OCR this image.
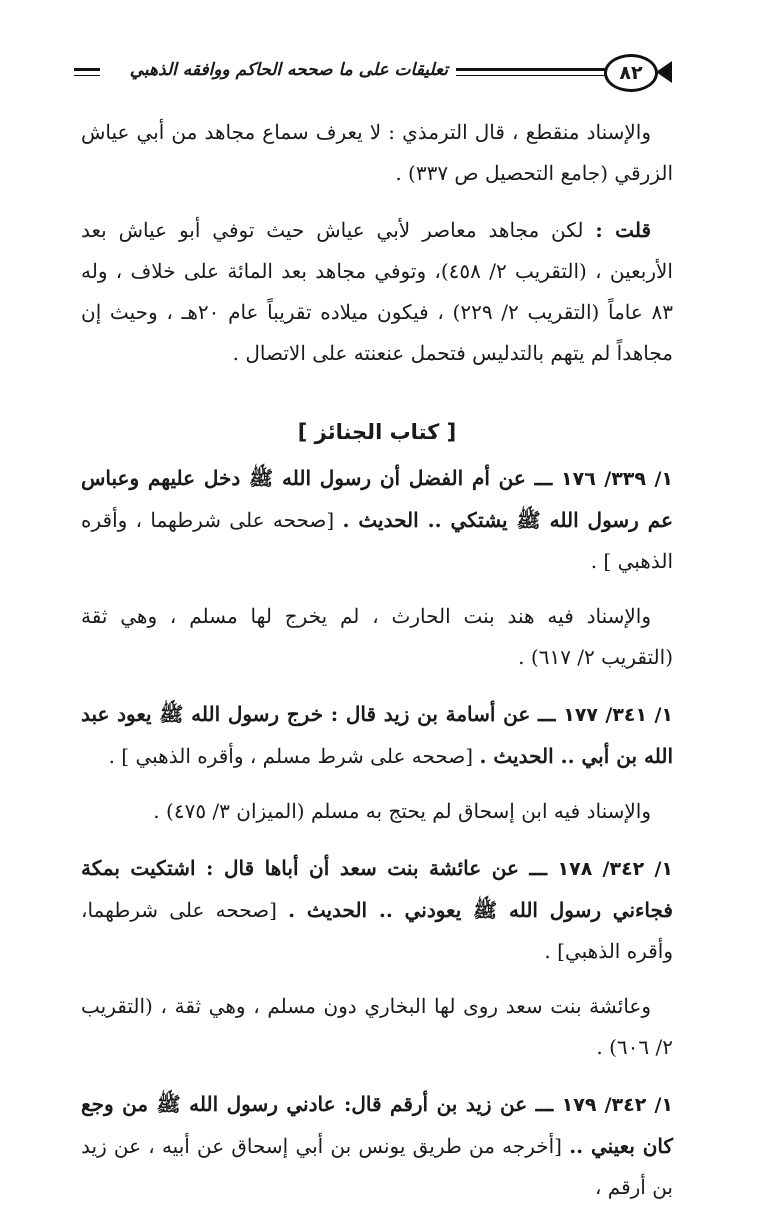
٨٢
تعليقات على ما صححه الحاكم ووافقه الذهبي

والإسناد منقطع ، قال الترمذي : لا يعرف سماع مجاهد من أبي عياش الزرقي (جامع التحصيل ص ٣٣٧) .

قلت : لكن مجاهد معاصر لأبي عياش حيث توفي أبو عياش بعد الأربعين ، (التقريب ٢/ ٤٥٨)، وتوفي مجاهد بعد المائة على خلاف ، وله ٨٣ عاماً (التقريب ٢/ ٢٢٩) ، فيكون ميلاده تقريباً عام ٢٠هـ ، وحيث إن مجاهداً لم يتهم بالتدليس فتحمل عنعنته على الاتصال .

[ كتاب الجنائز ]

١/ ٣٣٩/ ١٧٦ ـــ عن أم الفضل أن رسول الله ﷺ دخل عليهم وعباس عم رسول الله ﷺ يشتكي .. الحديث . [صححه على شرطهما ، وأقره الذهبي ] .

والإسناد فيه هند بنت الحارث ، لم يخرج لها مسلم ، وهي ثقة (التقريب ٢/ ٦١٧) .

١/ ٣٤١/ ١٧٧ ـــ عن أسامة بن زيد قال : خرج رسول الله ﷺ يعود عبد الله بن أبي .. الحديث . [صححه على شرط مسلم ، وأقره الذهبي ] .

والإسناد فيه ابن إسحاق لم يحتج به مسلم (الميزان ٣/ ٤٧٥) .

١/ ٣٤٢/ ١٧٨ ـــ عن عائشة بنت سعد أن أباها قال : اشتكيت بمكة فجاءني رسول الله ﷺ يعودني .. الحديث . [صححه على شرطهما، وأقره الذهبي] .

وعائشة بنت سعد روى لها البخاري دون مسلم ، وهي ثقة ، (التقريب ٢/ ٦٠٦) .

١/ ٣٤٢/ ١٧٩ ـــ عن زيد بن أرقم قال: عادني رسول الله ﷺ من وجع كان بعيني .. [أخرجه من طريق يونس بن أبي إسحاق عن أبيه ، عن زيد بن أرقم ،
